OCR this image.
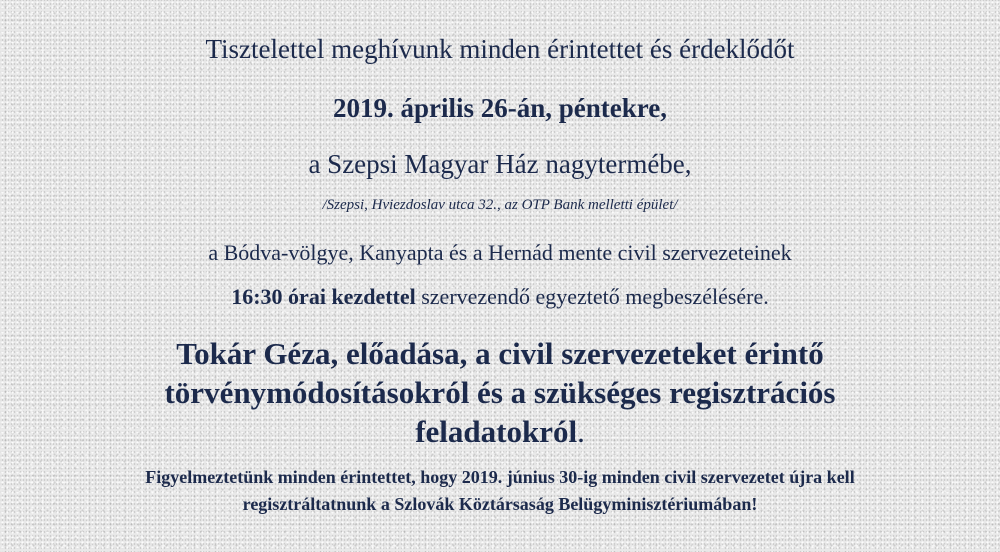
Tisztelettel meghívunk minden érintettet és érdeklődőt
2019. április 26-án, péntekre,
a Szepsi Magyar Ház nagytermébe,
/Szepsi, Hviezdoslav utca 32., az OTP Bank melletti épület/
a Bódva-völgye, Kanyapta és a Hernád mente civil szervezeteinek
16:30 órai kezdettel szervezendő egyeztető megbeszélésére.
Tokár Géza, előadása, a civil szervezeteket érintő törvénymódosításokról és a szükséges regisztrációs feladatokról.
Figyelmeztetünk minden érintettet, hogy 2019. június 30-ig minden civil szervezetet újra kell regisztráltatnunk a Szlovák Köztársaság Belügyminisztériumában!
